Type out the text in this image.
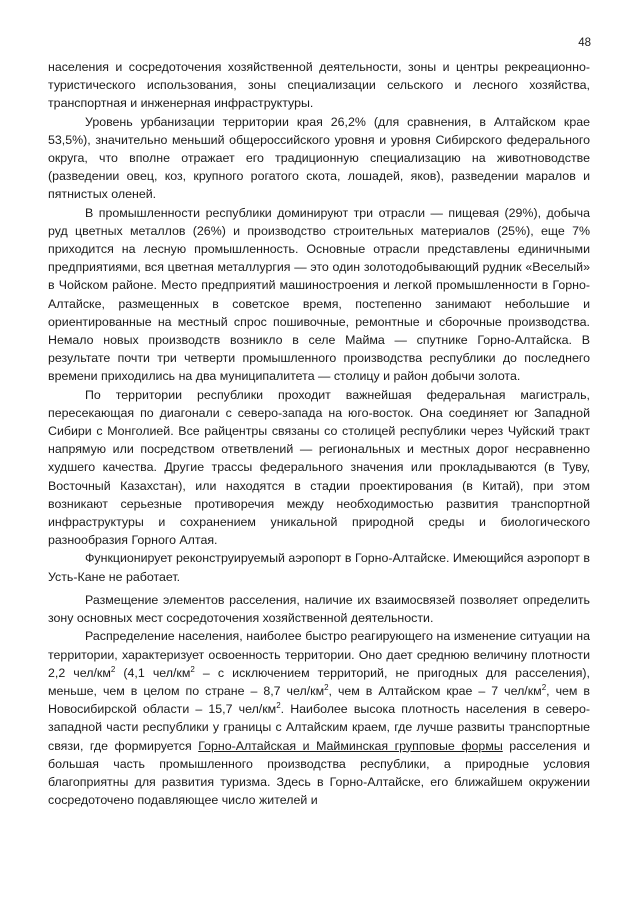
48

населения и сосредоточения хозяйственной деятельности, зоны и центры рекреационно-туристического использования, зоны специализации сельского и лесного хозяйства, транспортная и инженерная инфраструктуры.

Уровень урбанизации территории края 26,2% (для сравнения, в Алтайском крае 53,5%), значительно меньший общероссийского уровня и уровня Сибирского федерального округа, что вполне отражает его традиционную специализацию на животноводстве (разведении овец, коз, крупного рогатого скота, лошадей, яков), разведении маралов и пятнистых оленей.

В промышленности республики доминируют три отрасли — пищевая (29%), добыча руд цветных металлов (26%) и производство строительных материалов (25%), еще 7% приходится на лесную промышленность. Основные отрасли представлены единичными предприятиями, вся цветная металлургия — это один золотодобывающий рудник «Веселый» в Чойском районе. Место предприятий машиностроения и легкой промышленности в Горно-Алтайске, размещенных в советское время, постепенно занимают небольшие и ориентированные на местный спрос пошивочные, ремонтные и сборочные производства. Немало новых производств возникло в селе Майма — спутнике Горно-Алтайска. В результате почти три четверти промышленного производства республики до последнего времени приходились на два муниципалитета — столицу и район добычи золота.

По территории республики проходит важнейшая федеральная магистраль, пересекающая по диагонали с северо-запада на юго-восток. Она соединяет юг Западной Сибири с Монголией. Все райцентры связаны со столицей республики через Чуйский тракт напрямую или посредством ответвлений — региональных и местных дорог несравненно худшего качества. Другие трассы федерального значения или прокладываются (в Туву, Восточный Казахстан), или находятся в стадии проектирования (в Китай), при этом возникают серьезные противоречия между необходимостью развития транспортной инфраструктуры и сохранением уникальной природной среды и биологического разнообразия Горного Алтая.

Функционирует реконструируемый аэропорт в Горно-Алтайске. Имеющийся аэропорт в Усть-Кане не работает.

Размещение элементов расселения, наличие их взаимосвязей позволяет определить зону основных мест сосредоточения хозяйственной деятельности.

Распределение населения, наиболее быстро реагирующего на изменение ситуации на территории, характеризует освоенность территории. Оно дает среднюю величину плотности 2,2 чел/$км^2$ (4,1 чел/$км^2$ – с исключением территорий, не пригодных для расселения), меньше, чем в целом по стране – 8,7 чел/$км^2$, чем в Алтайском крае – 7 чел/$км^2$, чем в Новосибирской области – 15,7 чел/$км^2$. Наиболее высока плотность населения в северо-западной части республики у границы с Алтайским краем, где лучше развиты транспортные связи, где формируется Горно-Алтайская и Майминская групповые формы расселения и большая часть промышленного производства республики, а природные условия благоприятны для развития туризма. Здесь в Горно-Алтайске, его ближайшем окружении сосредоточено подавляющее число жителей и
